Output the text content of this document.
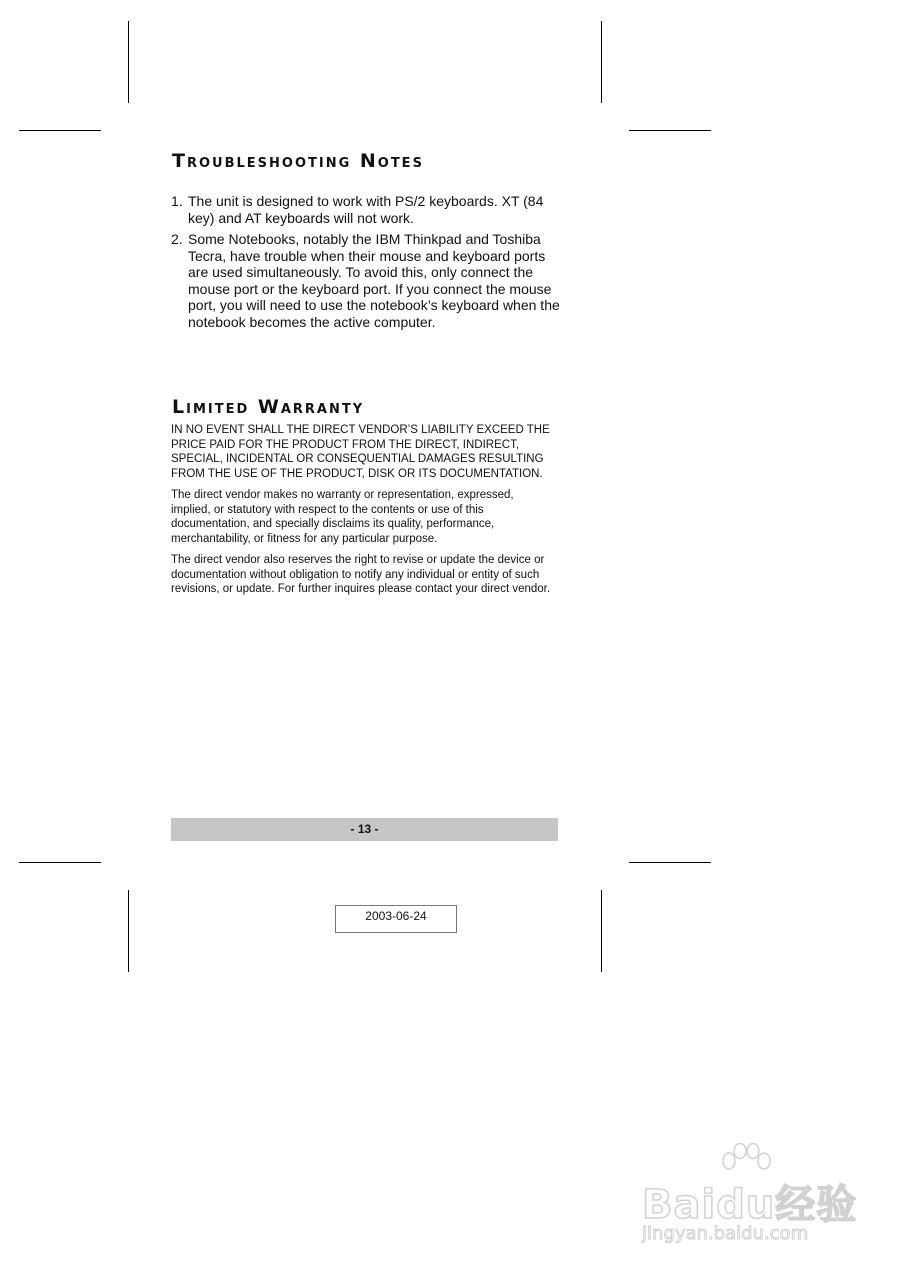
Troubleshooting Notes
1. The unit is designed to work with PS/2 keyboards. XT (84 key) and AT keyboards will not work.
2. Some Notebooks, notably the IBM Thinkpad and Toshiba Tecra, have trouble when their mouse and keyboard ports are used simultaneously. To avoid this, only connect the mouse port or the keyboard port. If you connect the mouse port, you will need to use the notebook’s keyboard when the notebook becomes the active computer.
Limited Warranty

IN NO EVENT SHALL THE DIRECT VENDOR’S LIABILITY EXCEED THE PRICE PAID FOR THE PRODUCT FROM THE DIRECT, INDIRECT, SPECIAL, INCIDENTAL OR CONSEQUENTIAL DAMAGES RESULTING FROM THE USE OF THE PRODUCT, DISK OR ITS DOCUMENTATION.

The direct vendor makes no warranty or representation, expressed, implied, or statutory with respect to the contents or use of this documentation, and specially disclaims its quality, performance, merchantability, or fitness for any particular purpose.

The direct vendor also reserves the right to revise or update the device or documentation without obligation to notify any individual or entity of such revisions, or update. For further inquires please contact your direct vendor.

- 13 -
2003-06-24
Baidu经验
jingyan.baidu.com
